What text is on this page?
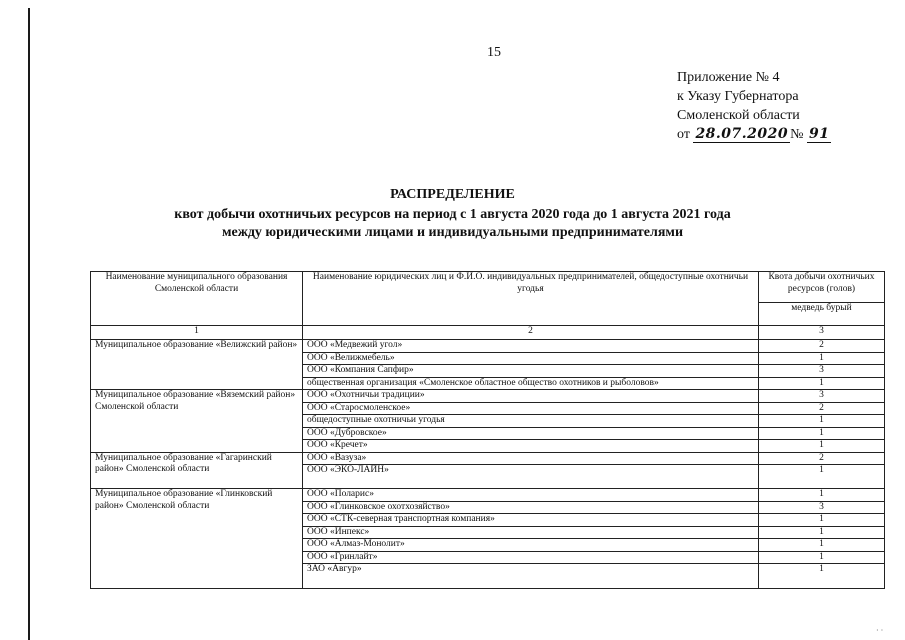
15
Приложение № 4
к Указу Губернатора
Смоленской области
от 28.07.2020 № 91
РАСПРЕДЕЛЕНИЕ
квот добычи охотничьих ресурсов на период с 1 августа 2020 года до 1 августа 2021 года
между юридическими лицами и индивидуальными предпринимателями
Наименование муниципального образования Смоленской области	Наименование юридических лиц и Ф.И.О. индивидуальных предпринимателей, общедоступные охотничьи угодья	Квота добычи охотничьих ресурсов (голов)
		медведь бурый
1	2	3
Муниципальное образование «Велижский район»	ООО «Медвежий угол»	2
	ООО «Велижмебель»	1
	ООО «Компания Сапфир»	3
	общественная организация «Смоленское областное общество охотников и рыболовов»	1
Муниципальное образование «Вяземский район» Смоленской области	ООО «Охотничьи традиции»	3
	ООО «Старосмоленское»	2
	общедоступные охотничьи угодья	1
	ООО «Дубровское»	1
	ООО «Кречет»	1
Муниципальное образование «Гагаринский район» Смоленской области	ООО «Вазуза»	2
	ООО «ЭКО-ЛАЙН»	1
Муниципальное образование «Глинковский район» Смоленской области	ООО «Поларис»	1
	ООО «Глинковское охотхозяйство»	3
	ООО «СТК-северная транспортная компания»	1
	ООО «Инпекс»	1
	ООО «Алмаз-Монолит»	1
	ООО «Гринлайт»	1
	ЗАО «Авгур»	1
· ·
